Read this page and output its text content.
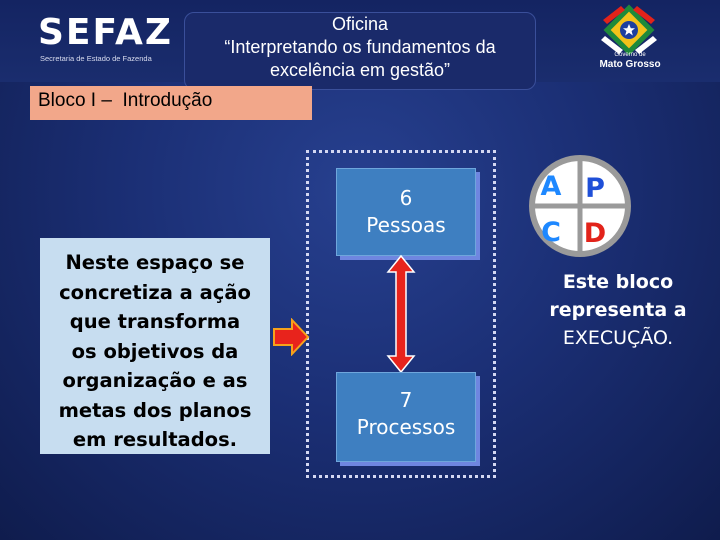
SEFAZ
Secretaria de Estado de Fazenda
Oficina
“Interpretando os fundamentos da
excelência em gestão”
Governo de
Mato Grosso
Bloco I –  Introdução
6
Pessoas
7
Processos
Neste espaço se
concretiza a ação
que transforma
os objetivos da
organização e as
metas dos planos
em resultados.
A P
C D
Este bloco
representa a
EXECUÇÃO.
